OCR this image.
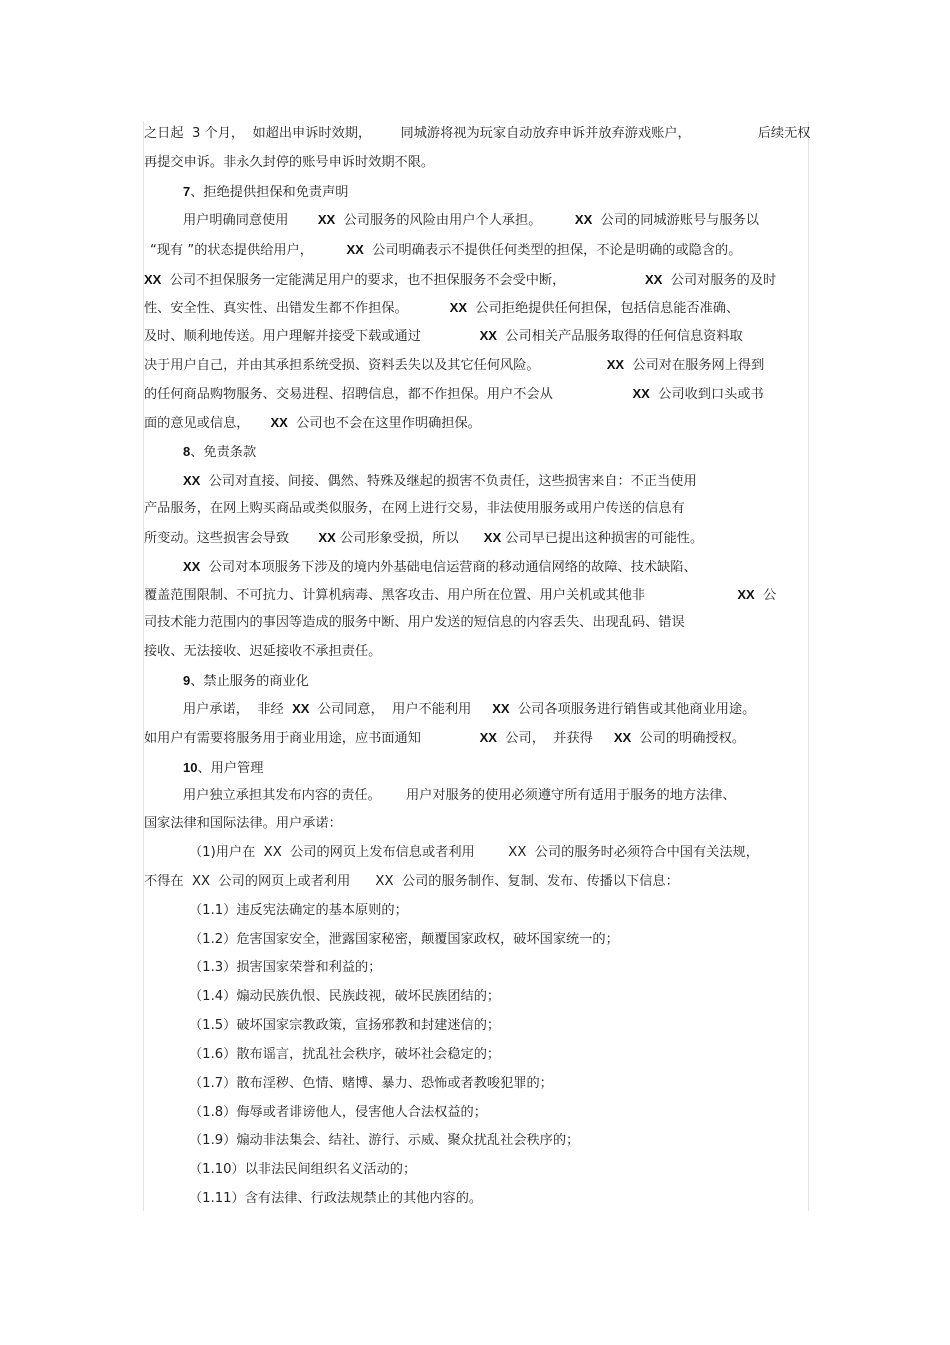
之日起  3 个月，  如超出申诉时效期，       同城游将视为玩家自动放弃申诉并放弃游戏账户，                后续无权
再提交申诉。非永久封停的账号申诉时效期不限。
7、拒绝提供担保和免责声明
用户明确同意使用       XX  公司服务的风险由用户个人承担。        XX  公司的同城游账号与服务以
“现有 ”的状态提供给用户，        XX  公司明确表示不提供任何类型的担保，不论是明确的或隐含的。
XX  公司不担保服务一定能满足用户的要求，也不担保服务不会受中断，                   XX  公司对服务的及时
性、安全性、真实性、出错发生都不作担保。          XX  公司拒绝提供任何担保，包括信息能否准确、
及时、顺利地传送。用户理解并接受下载或通过              XX  公司相关产品服务取得的任何信息资料取
决于用户自己，并由其承担系统受损、资料丢失以及其它任何风险。                XX  公司对在服务网上得到
的任何商品购物服务、交易进程、招聘信息，都不作担保。用户不会从                   XX  公司收到口头或书
面的意见或信息，     XX  公司也不会在这里作明确担保。
8、免责条款
XX  公司对直接、间接、偶然、特殊及继起的损害不负责任，这些损害来自：不正当使用
产品服务，在网上购买商品或类似服务，在网上进行交易，非法使用服务或用户传送的信息有
所变动。这些损害会导致       XX 公司形象受损，所以      XX 公司早已提出这种损害的可能性。
XX  公司对本项服务下涉及的境内外基础电信运营商的移动通信网络的故障、技术缺陷、
覆盖范围限制、不可抗力、计算机病毒、黑客攻击、用户所在位置、用户关机或其他非                      XX  公
司技术能力范围内的事因等造成的服务中断、用户发送的短信息的内容丢失、出现乱码、错误
接收、无法接收、迟延接收不承担责任。
9、禁止服务的商业化
用户承诺，  非经  XX  公司同意，  用户不能利用     XX  公司各项服务进行销售或其他商业用途。
如用户有需要将服务用于商业用途，应书面通知              XX  公司，  并获得     XX  公司的明确授权。
10、用户管理
用户独立承担其发布内容的责任。      用户对服务的使用必须遵守所有适用于服务的地方法律、
国家法律和国际法律。用户承诺：
（1)用户在  XX  公司的网页上发布信息或者利用        XX  公司的服务时必须符合中国有关法规，
不得在  XX  公司的网页上或者利用      XX  公司的服务制作、复制、发布、传播以下信息：
（1.1）违反宪法确定的基本原则的；
（1.2）危害国家安全，泄露国家秘密，颠覆国家政权，破坏国家统一的；
（1.3）损害国家荣誉和利益的；
（1.4）煽动民族仇恨、民族歧视，破坏民族团结的；
（1.5）破坏国家宗教政策，宣扬邪教和封建迷信的；
（1.6）散布谣言，扰乱社会秩序，破坏社会稳定的；
（1.7）散布淫秽、色情、赌博、暴力、恐怖或者教唆犯罪的；
（1.8）侮辱或者诽谤他人，侵害他人合法权益的；
（1.9）煽动非法集会、结社、游行、示威、聚众扰乱社会秩序的；
（1.10）以非法民间组织名义活动的；
（1.11）含有法律、行政法规禁止的其他内容的。
